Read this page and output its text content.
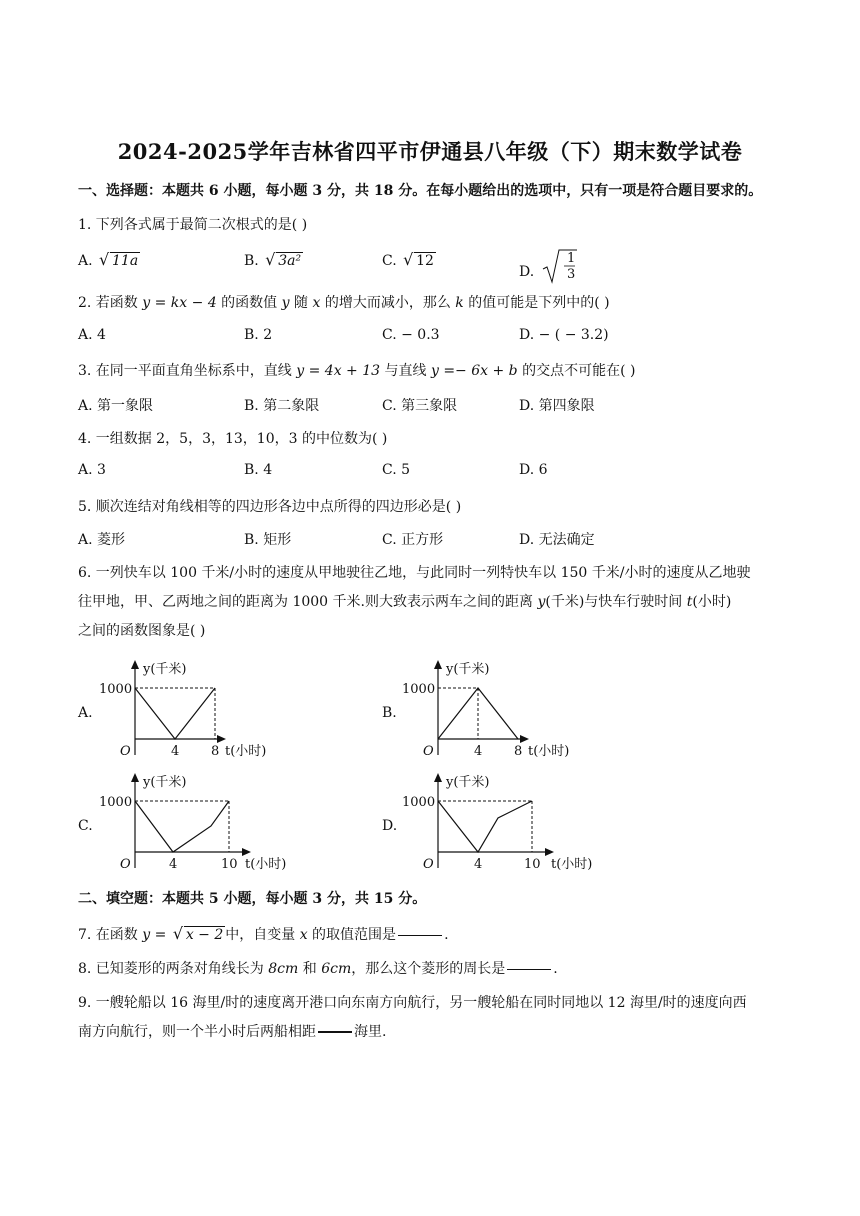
2024-2025学年吉林省四平市伊通县八年级（下）期末数学试卷
一、选择题：本题共 6 小题，每小题 3 分，共 18 分。在每小题给出的选项中，只有一项是符合题目要求的。
1. 下列各式属于最简二次根式的是( )
A. √ 11a	B. √ 3a²	C. √ 12
D.
1
3
2. 若函数 y = kx − 4 的函数值 y 随 x 的增大而减小，那么 k 的值可能是下列中的( )
A. 4	B. 2	C. − 0.3	D. − ( − 3.2)
3. 在同一平面直角坐标系中，直线 y = 4x + 13 与直线 y =− 6x + b 的交点不可能在( )
A. 第一象限	B. 第二象限	C. 第三象限	D. 第四象限
4. 一组数据 2，5，3，13，10，3 的中位数为( )
A. 3	B. 4	C. 5	D. 6
5. 顺次连结对角线相等的四边形各边中点所得的四边形必是( )
A. 菱形	B. 矩形	C. 正方形	D. 无法确定
6. 一列快车以 100 千米/小时的速度从甲地驶往乙地，与此同时一列特快车以 150 千米/小时的速度从乙地驶
往甲地，甲、乙两地之间的距离为 1000 千米.则大致表示两车之间的距离 y(千米)与快车行驶时间 t(小时)
之间的函数图象是( )
A.
y(千米)
1000
O	4 8 t(小时)
B.
y(千米)
1000
O	4 8 t(小时)
C.
y(千米)
1000
O	4	10 t(小时)
D.
y(千米)
1000
O	4	10 t(小时)
二、填空题：本题共 5 小题，每小题 3 分，共 15 分。
7. 在函数 y = √ x − 2 中，自变量 x 的取值范围是	.
8. 已知菱形的两条对角线长为 8cm 和 6cm，那么这个菱形的周长是	.
9. 一艘轮船以 16 海里/时的速度离开港口向东南方向航行，另一艘轮船在同时同地以 12 海里/时的速度向西
南方向航行，则一个半小时后两船相距	海里.
